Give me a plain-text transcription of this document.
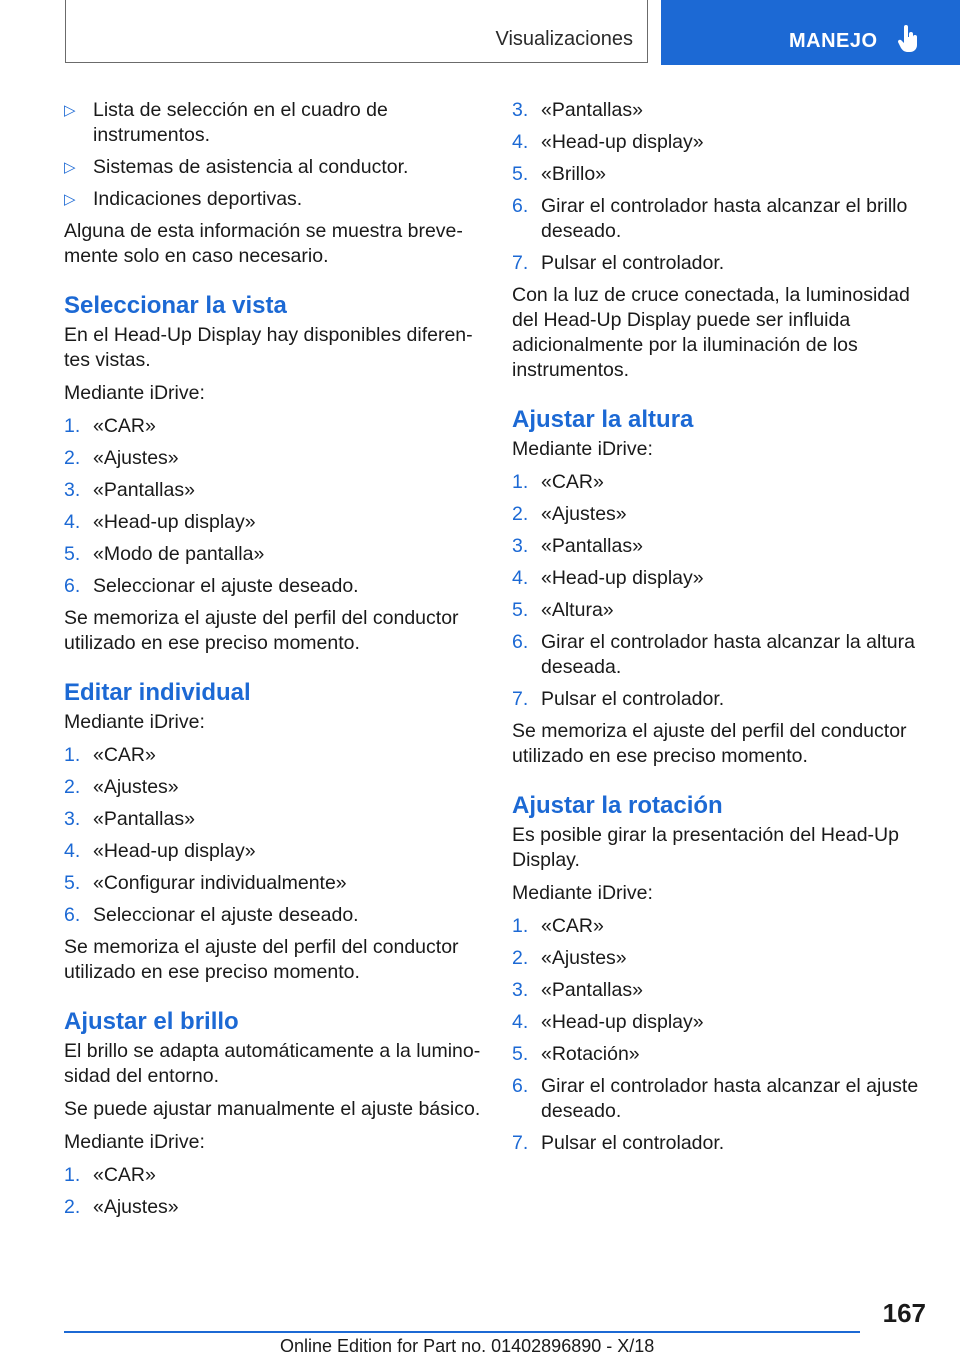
Visualizaciones	MANEJO
▷ Lista de selección en el cuadro de instrumentos.
▷ Sistemas de asistencia al conductor.
▷ Indicaciones deportivas.

Alguna de esta información se muestra brevemente solo en caso necesario.

Seleccionar la vista

En el Head-Up Display hay disponibles diferentes vistas.

Mediante iDrive:

1. «CAR»
2. «Ajustes»
3. «Pantallas»
4. «Head-up display»
5. «Modo de pantalla»
6. Seleccionar el ajuste deseado.

Se memoriza el ajuste del perfil del conductor utilizado en ese preciso momento.

Editar individual

Mediante iDrive:

1. «CAR»
2. «Ajustes»
3. «Pantallas»
4. «Head-up display»
5. «Configurar individualmente»
6. Seleccionar el ajuste deseado.

Se memoriza el ajuste del perfil del conductor utilizado en ese preciso momento.

Ajustar el brillo

El brillo se adapta automáticamente a la luminosidad del entorno.

Se puede ajustar manualmente el ajuste básico.

Mediante iDrive:

1. «CAR»
2. «Ajustes»
3. «Pantallas»
4. «Head-up display»
5. «Brillo»
6. Girar el controlador hasta alcanzar el brillo deseado.
7. Pulsar el controlador.

Con la luz de cruce conectada, la luminosidad del Head-Up Display puede ser influida adicionalmente por la iluminación de los instrumentos.

Ajustar la altura

Mediante iDrive:

1. «CAR»
2. «Ajustes»
3. «Pantallas»
4. «Head-up display»
5. «Altura»
6. Girar el controlador hasta alcanzar la altura deseada.
7. Pulsar el controlador.

Se memoriza el ajuste del perfil del conductor utilizado en ese preciso momento.

Ajustar la rotación

Es posible girar la presentación del Head-Up Display.

Mediante iDrive:

1. «CAR»
2. «Ajustes»
3. «Pantallas»
4. «Head-up display»
5. «Rotación»
6. Girar el controlador hasta alcanzar el ajuste deseado.
7. Pulsar el controlador.
167
Online Edition for Part no. 01402896890 - X/18
